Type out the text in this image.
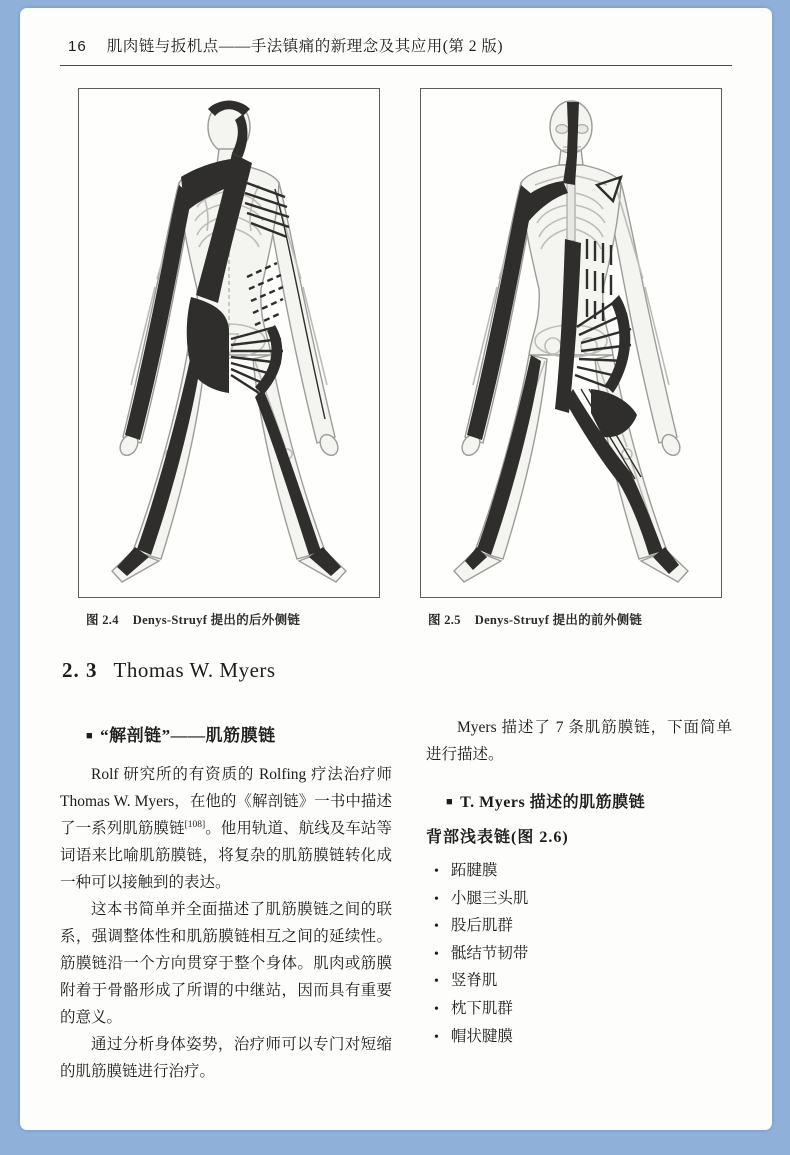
16 肌肉链与扳机点——手法镇痛的新理念及其应用(第 2 版)
图 2.4 Denys-Struyf 提出的后外侧链	图 2.5 Denys-Struyf 提出的前外侧链
2. 3 Thomas W. Myers
■ “解剖链”——肌筋膜链

Rolf 研究所的有资质的 Rolfing 疗法治疗师 Thomas W. Myers，在他的《解剖链》一书中描述了一系列肌筋膜链[108]。他用轨道、航线及车站等词语来比喻肌筋膜链，将复杂的肌筋膜链转化成一种可以接触到的表达。

这本书简单并全面描述了肌筋膜链之间的联系，强调整体性和肌筋膜链相互之间的延续性。筋膜链沿一个方向贯穿于整个身体。肌肉或筋膜附着于骨骼形成了所谓的中继站，因而具有重要的意义。

通过分析身体姿势，治疗师可以专门对短缩的肌筋膜链进行治疗。

Myers 描述了 7 条肌筋膜链，下面简单进行描述。

■ T. Myers 描述的肌筋膜链
背部浅表链(图 2.6)
• 跖腱膜
• 小腿三头肌
• 股后肌群
• 骶结节韧带
• 竖脊肌
• 枕下肌群
• 帽状腱膜
